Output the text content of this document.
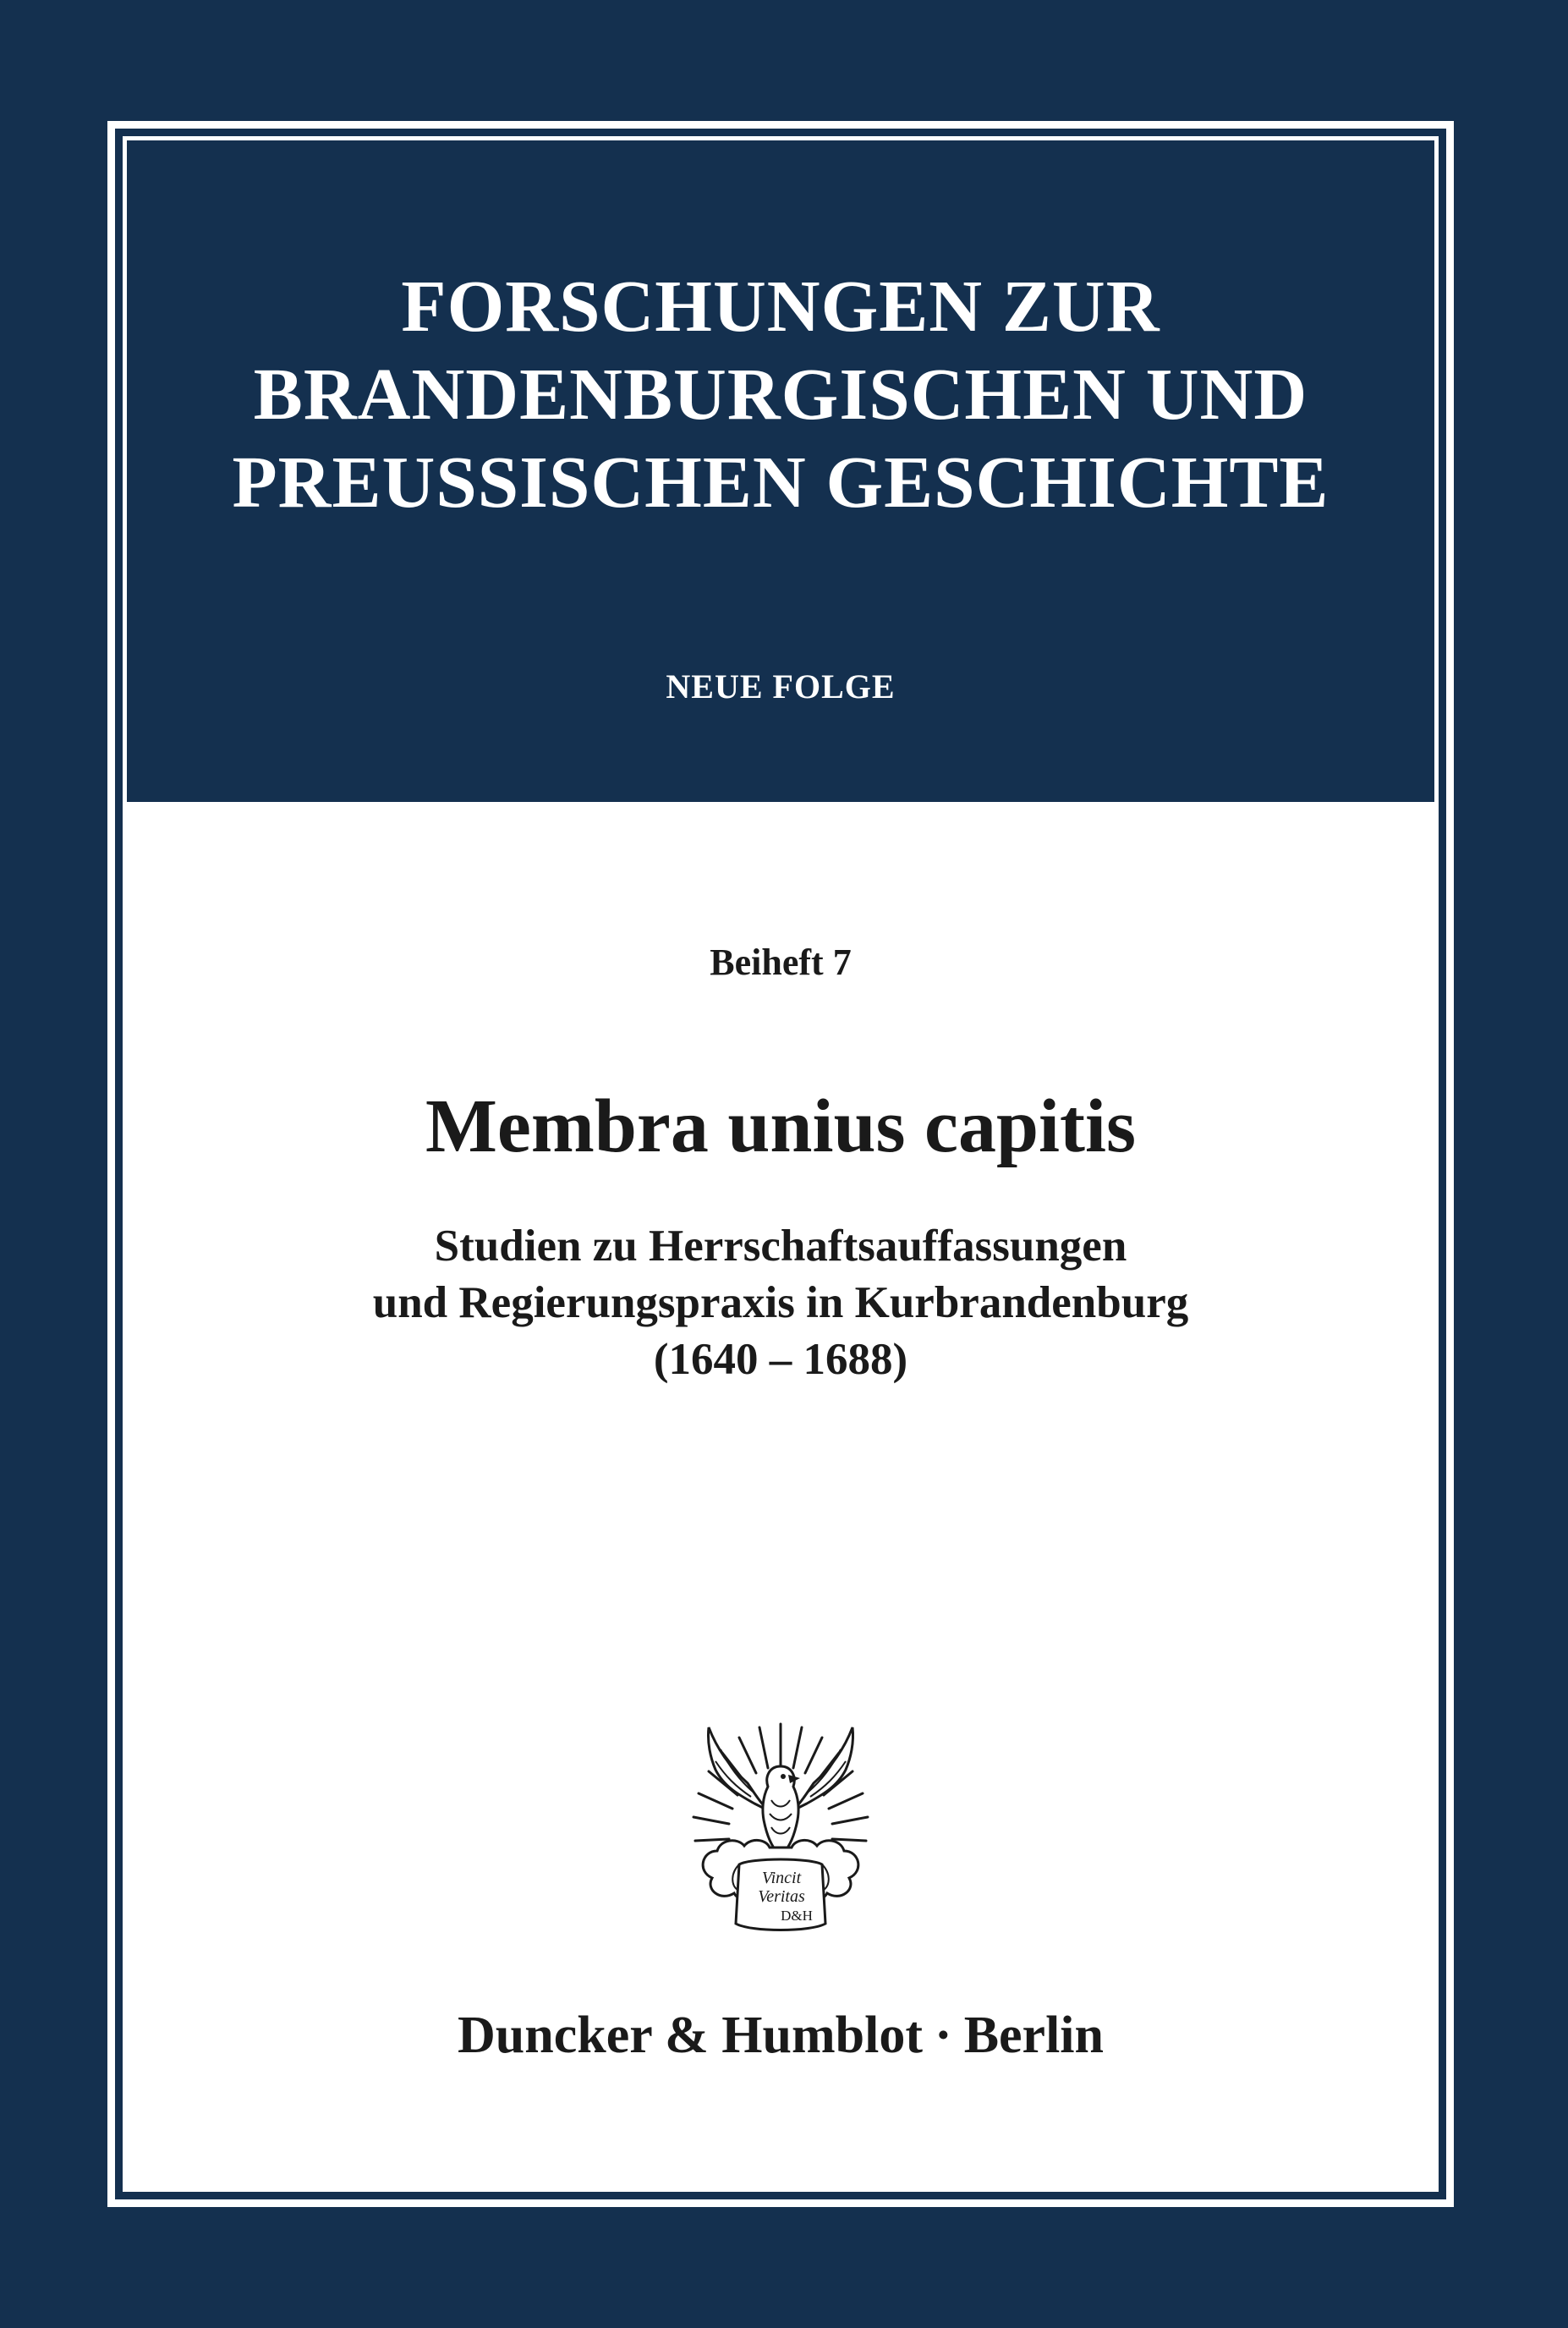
FORSCHUNGEN ZUR
BRANDENBURGISCHEN UND
PREUSSISCHEN GESCHICHTE
NEUE FOLGE
Beiheft 7
Membra unius capitis
Studien zu Herrschaftsauffassungen
und Regierungspraxis in Kurbrandenburg
(1640 – 1688)
Vincit
Veritas
D&H
Duncker & Humblot · Berlin
